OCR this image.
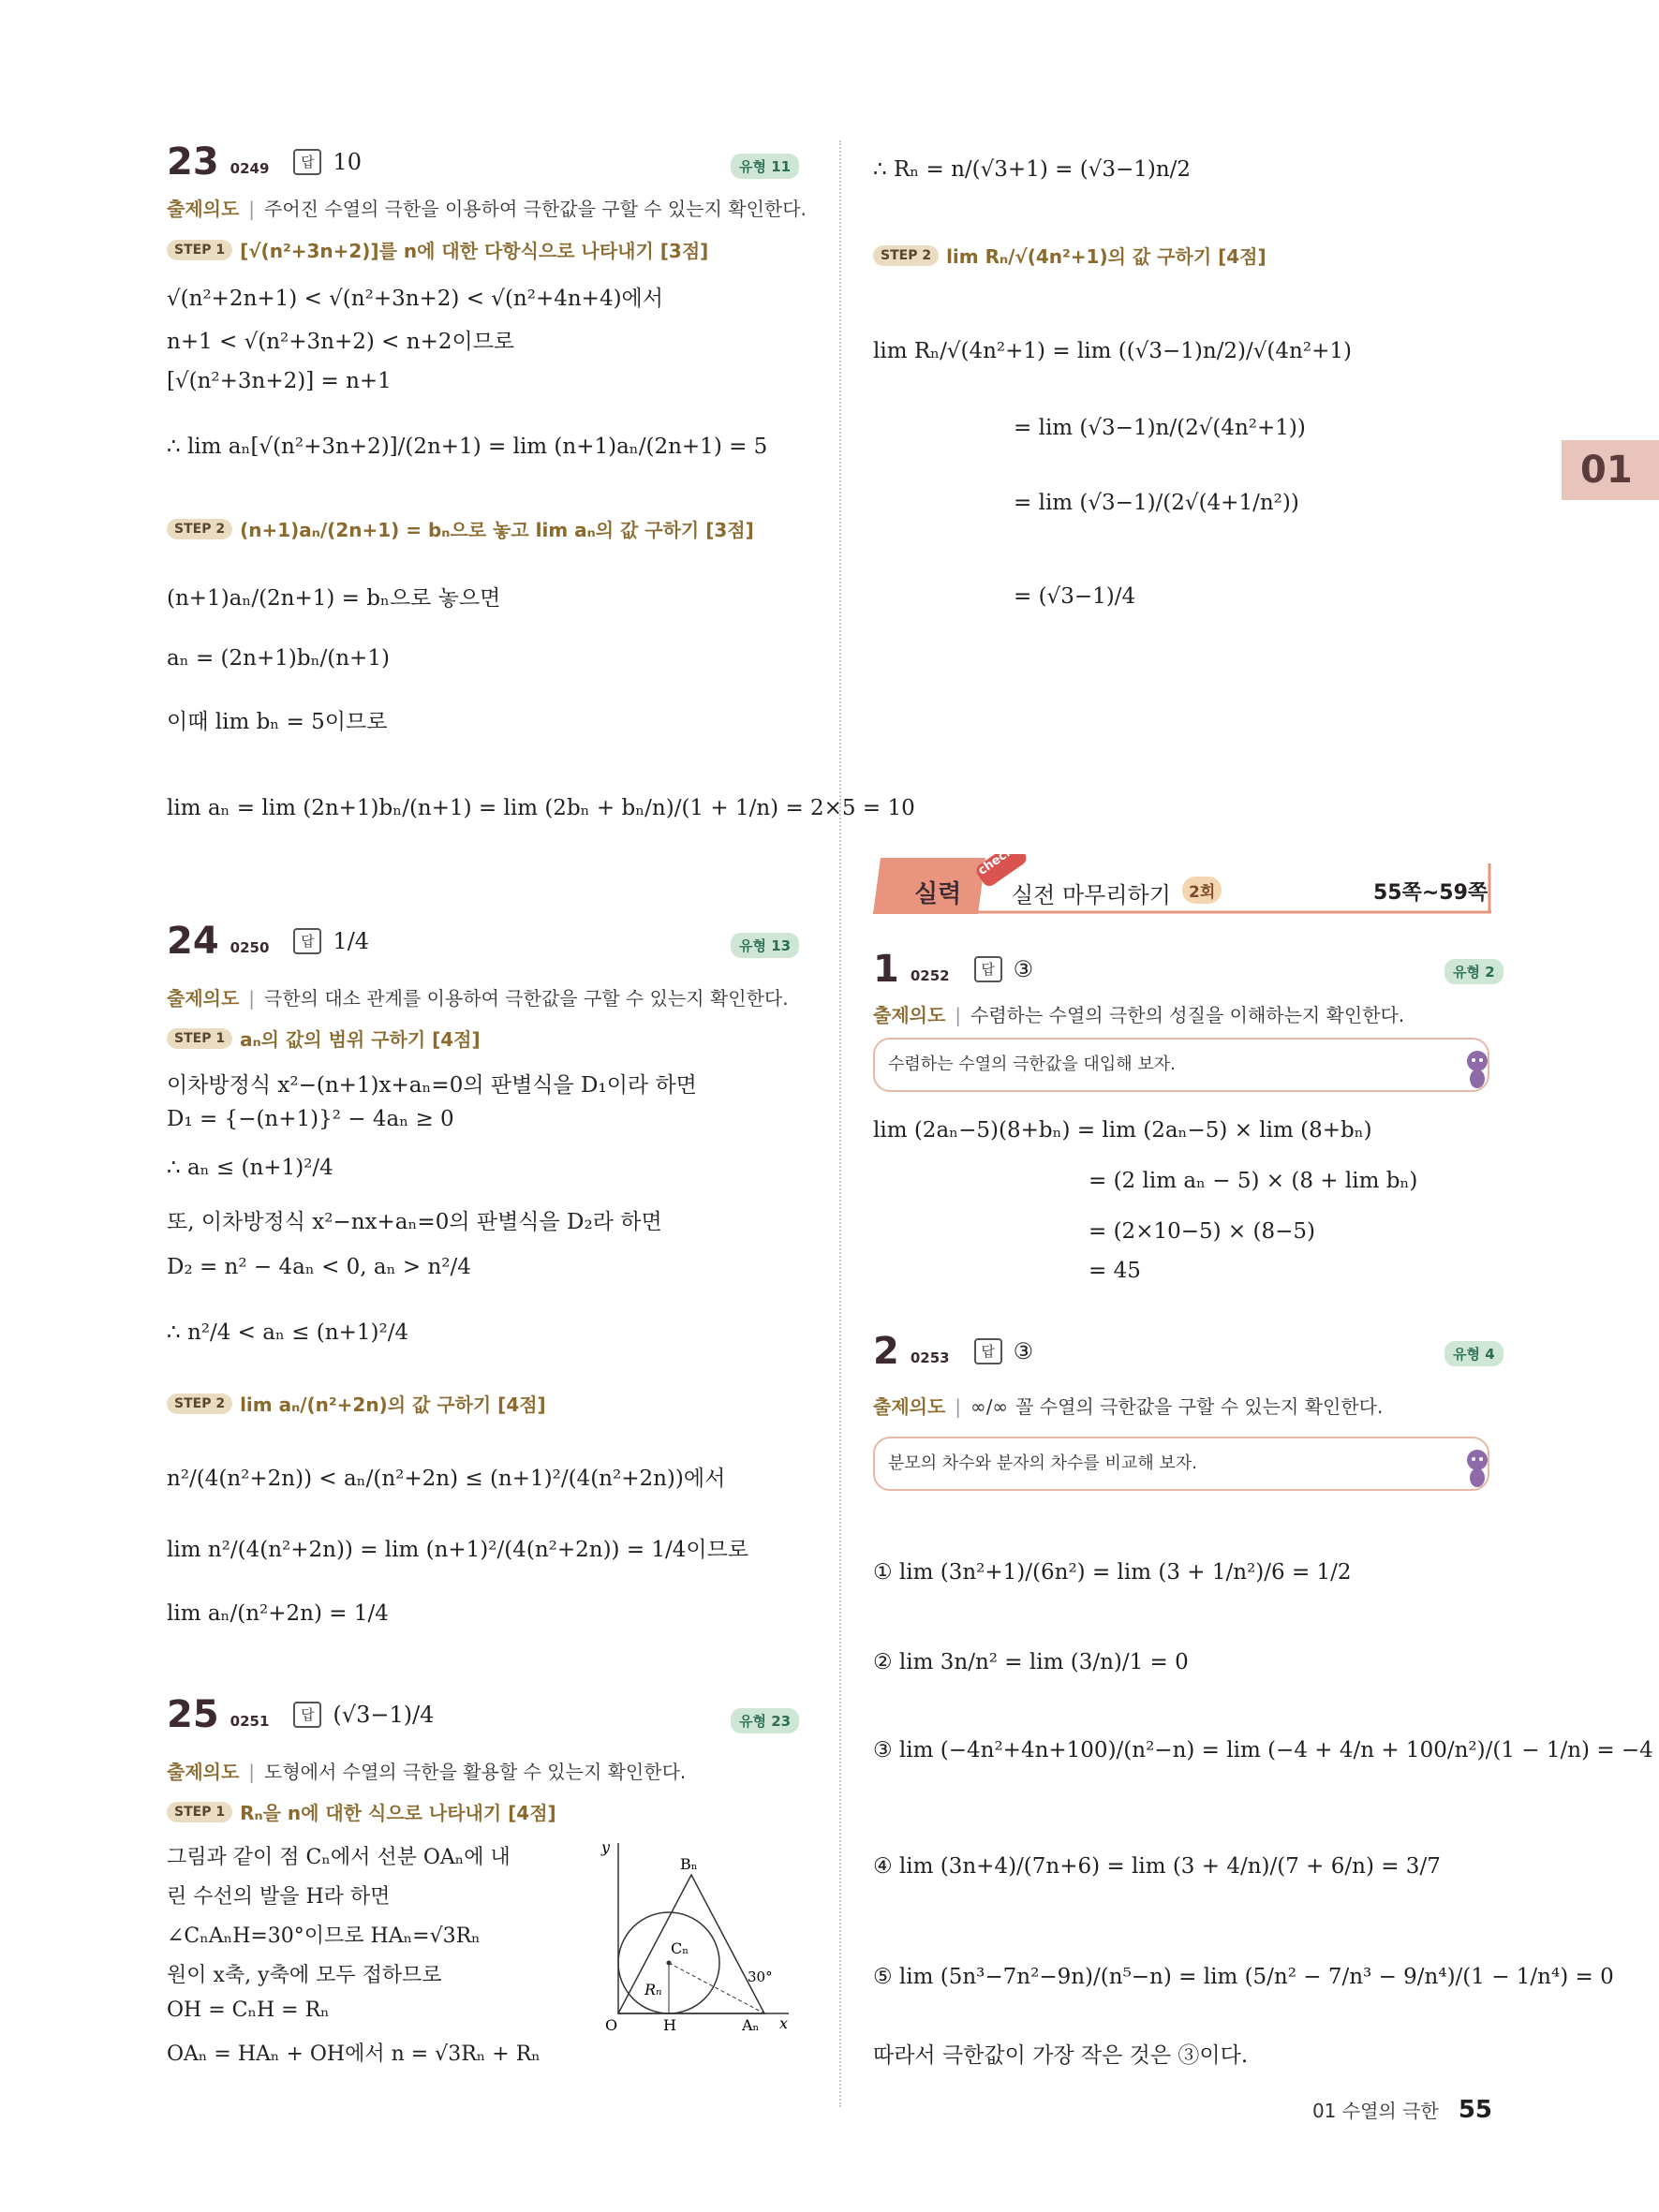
01
23 0249	답 10	유형 11
출제의도 | 주어진 수열의 극한을 이용하여 극한값을 구할 수 있는지 확인한다.
STEP 1 [√(n²+3n+2)]를 n에 대한 다항식으로 나타내기 [3점]
√(n²+2n+1) < √(n²+3n+2) < √(n²+4n+4)에서
n+1 < √(n²+3n+2) < n+2이므로
[√(n²+3n+2)] = n+1
∴ lim aₙ[√(n²+3n+2)]/(2n+1) = lim (n+1)aₙ/(2n+1) = 5
STEP 2 (n+1)aₙ/(2n+1) = bₙ으로 놓고 lim aₙ의 값 구하기 [3점]
(n+1)aₙ/(2n+1) = bₙ으로 놓으면
aₙ = (2n+1)bₙ/(n+1)
이때 lim bₙ = 5이므로
lim aₙ = lim (2n+1)bₙ/(n+1) = lim (2bₙ + bₙ/n)/(1 + 1/n) = 2×5 = 10
24 0250	답 1/4	유형 13
출제의도 | 극한의 대소 관계를 이용하여 극한값을 구할 수 있는지 확인한다.
STEP 1 aₙ의 값의 범위 구하기 [4점]
이차방정식 x²−(n+1)x+aₙ=0의 판별식을 D₁이라 하면
D₁ = {−(n+1)}² − 4aₙ ≥ 0
∴ aₙ ≤ (n+1)²/4
또, 이차방정식 x²−nx+aₙ=0의 판별식을 D₂라 하면
D₂ = n² − 4aₙ < 0, aₙ > n²/4
∴ n²/4 < aₙ ≤ (n+1)²/4
STEP 2 lim aₙ/(n²+2n)의 값 구하기 [4점]
n²/(4(n²+2n)) < aₙ/(n²+2n) ≤ (n+1)²/(4(n²+2n))에서
lim n²/(4(n²+2n)) = lim (n+1)²/(4(n²+2n)) = 1/4이므로
lim aₙ/(n²+2n) = 1/4
25 0251	답 (√3−1)/4	유형 23
출제의도 | 도형에서 수열의 극한을 활용할 수 있는지 확인한다.
STEP 1 Rₙ을 n에 대한 식으로 나타내기 [4점]
그림과 같이 점 Cₙ에서 선분 OAₙ에 내
린 수선의 발을 H라 하면
∠CₙAₙH=30°이므로 HAₙ=√3Rₙ
원이 x축, y축에 모두 접하므로
OH = CₙH = Rₙ
OAₙ = HAₙ + OH에서 n = √3Rₙ + Rₙ
y
Bₙ
Cₙ
Rₙ
O	H	Aₙ x
30°
∴ Rₙ = n/(√3+1) = (√3−1)n/2
STEP 2 lim Rₙ/√(4n²+1)의 값 구하기 [4점]
lim Rₙ/√(4n²+1) = lim ((√3−1)n/2)/√(4n²+1)
= lim (√3−1)n/(2√(4n²+1))
= lim (√3−1)/(2√(4+1/n²))
= (√3−1)/4
실력
check
실전 마무리하기	2회	55쪽~59쪽
1 0252	답 ③	유형 2
출제의도 | 수렴하는 수열의 극한의 성질을 이해하는지 확인한다.
수렴하는 수열의 극한값을 대입해 보자.
lim (2aₙ−5)(8+bₙ) = lim (2aₙ−5) × lim (8+bₙ)
= (2 lim aₙ − 5) × (8 + lim bₙ)
= (2×10−5) × (8−5)
= 45
2 0253	답 ③	유형 4
출제의도 | ∞/∞ 꼴 수열의 극한값을 구할 수 있는지 확인한다.
분모의 차수와 분자의 차수를 비교해 보자.
① lim (3n²+1)/(6n²) = lim (3 + 1/n²)/6 = 1/2
② lim 3n/n² = lim (3/n)/1 = 0
③ lim (−4n²+4n+100)/(n²−n) = lim (−4 + 4/n + 100/n²)/(1 − 1/n) = −4
④ lim (3n+4)/(7n+6) = lim (3 + 4/n)/(7 + 6/n) = 3/7
⑤ lim (5n³−7n²−9n)/(n⁵−n) = lim (5/n² − 7/n³ − 9/n⁴)/(1 − 1/n⁴) = 0
따라서 극한값이 가장 작은 것은 ③이다.
01 수열의 극한 55
